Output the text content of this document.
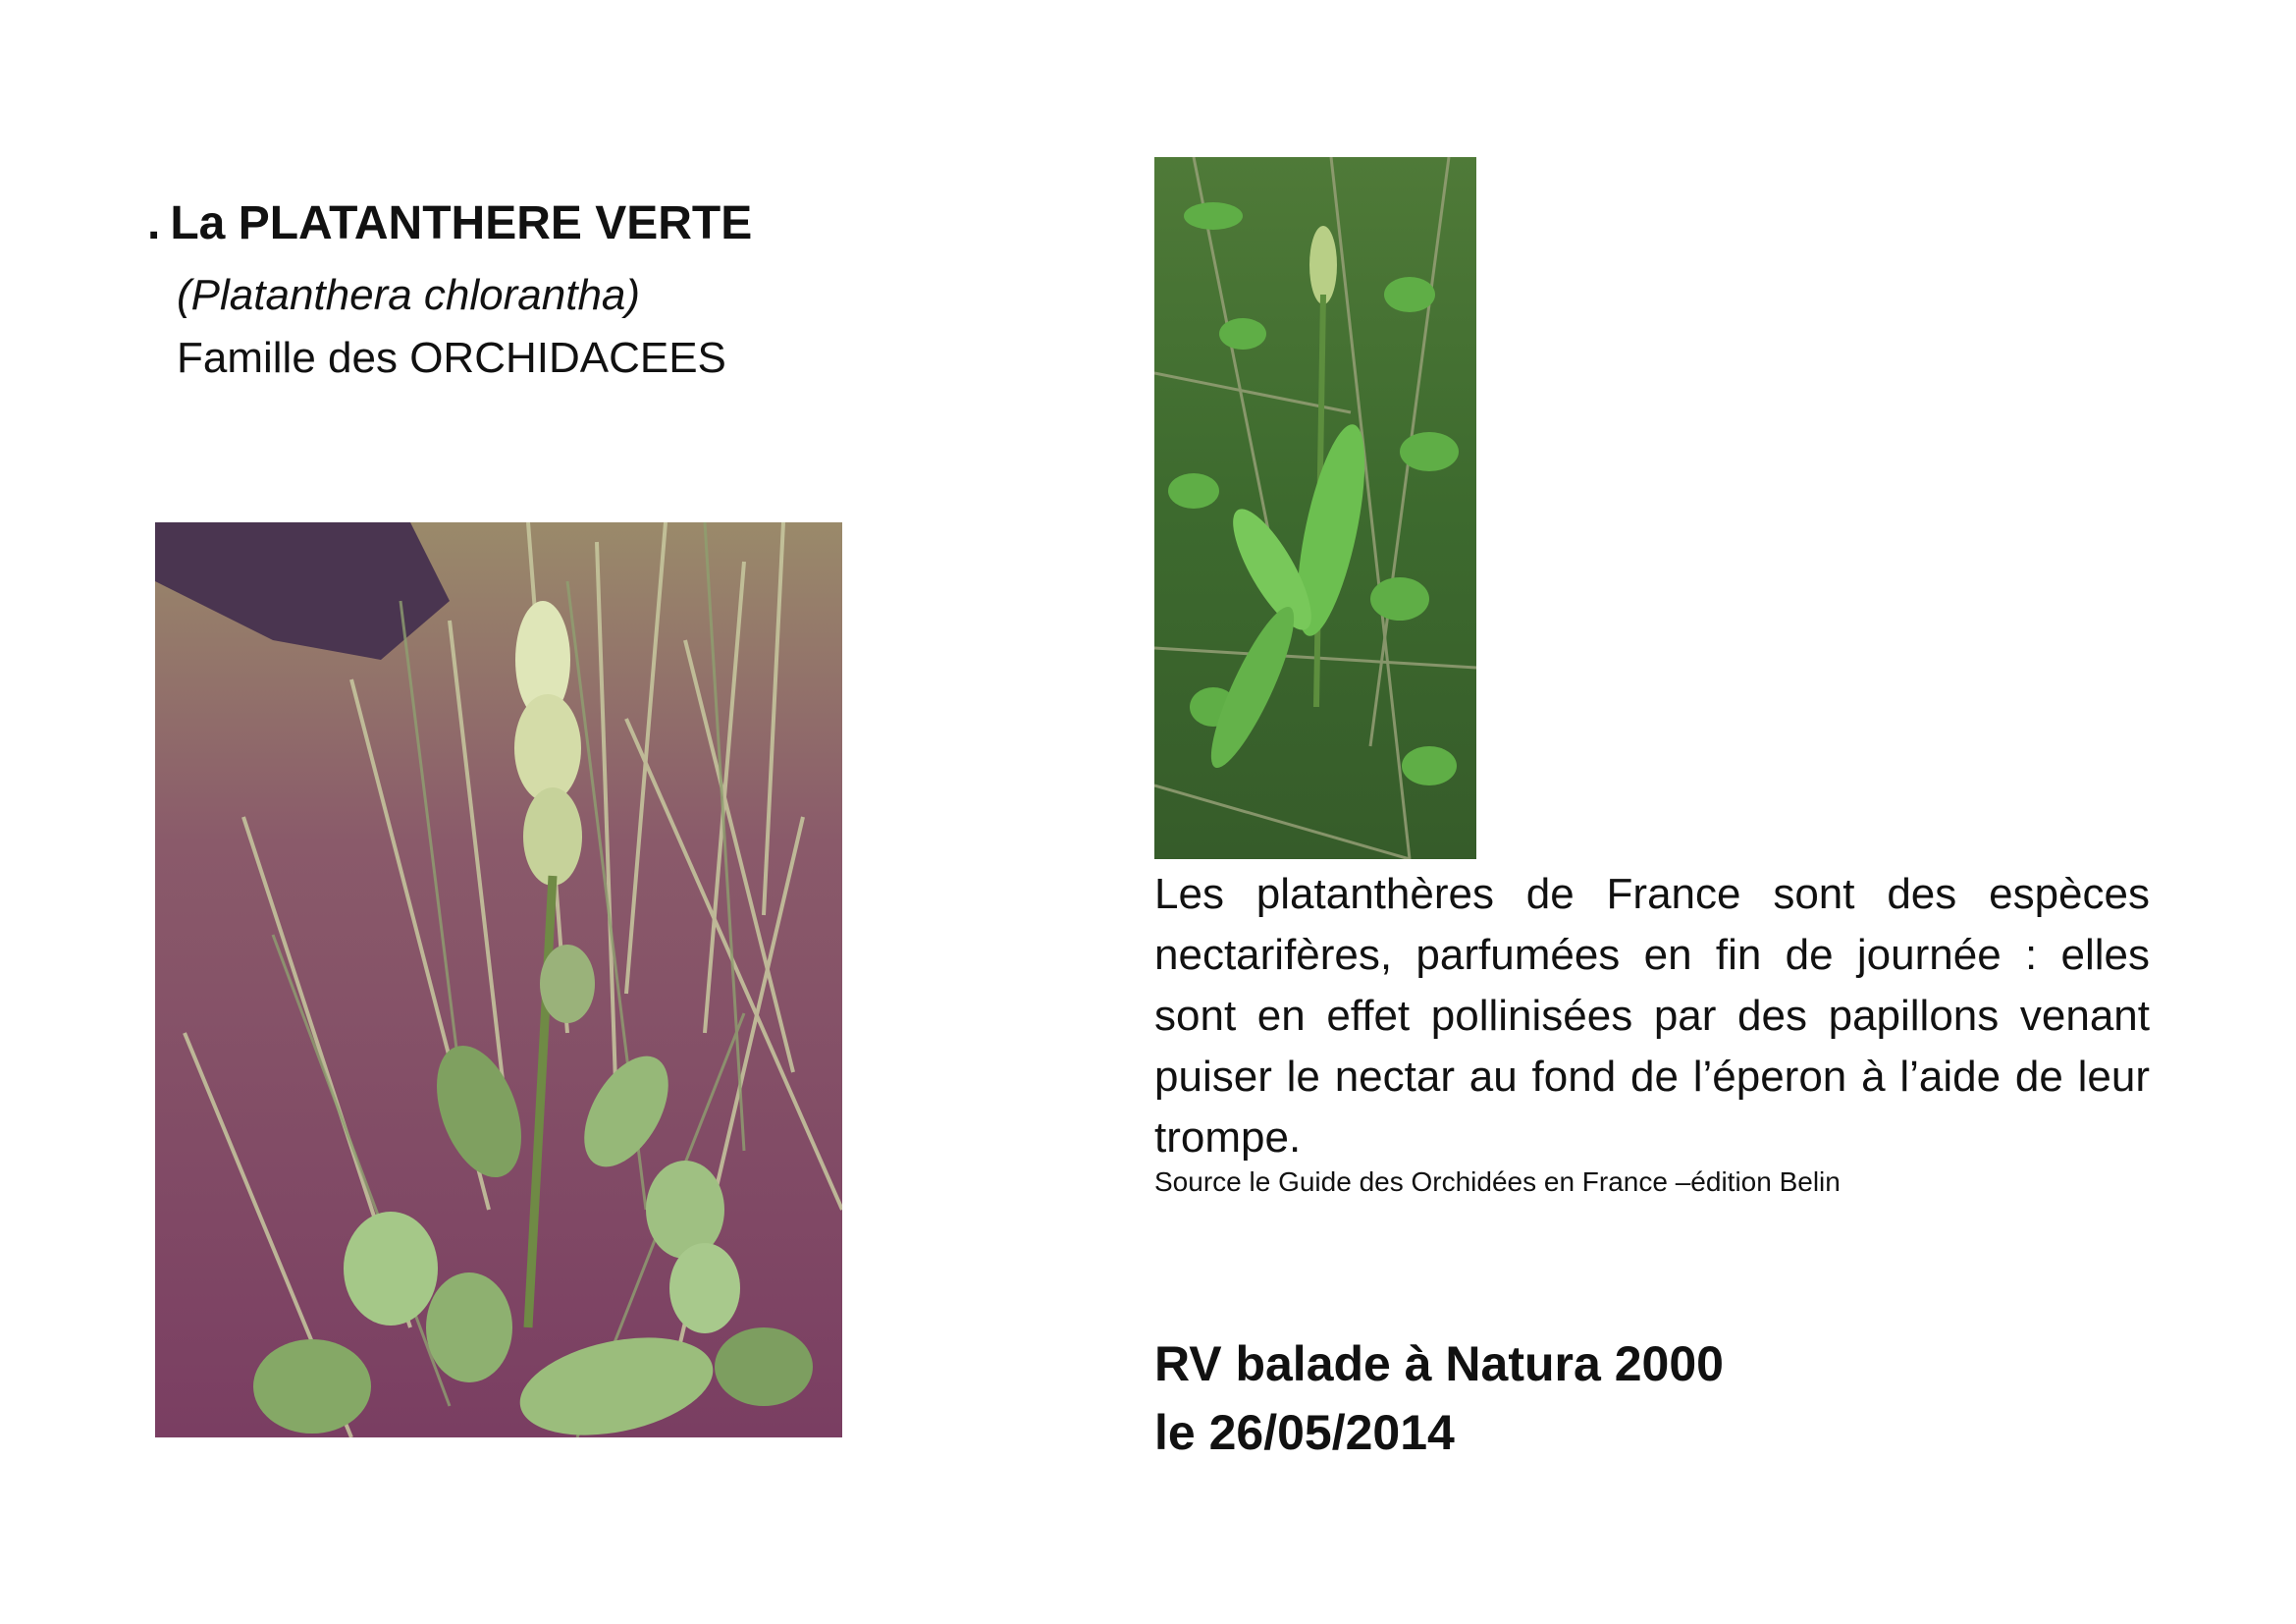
. La PLATANTHERE VERTE
(Platanthera chlorantha)
Famille des ORCHIDACEES

Les platanthères de France sont des espèces nectarifères, parfumées en fin de journée : elles sont en effet pollinisées par des papillons venant puiser le nectar au fond de l’éperon à l’aide de leur trompe.

Source le Guide des Orchidées en France –édition Belin
RV balade à Natura 2000
le 26/05/2014
